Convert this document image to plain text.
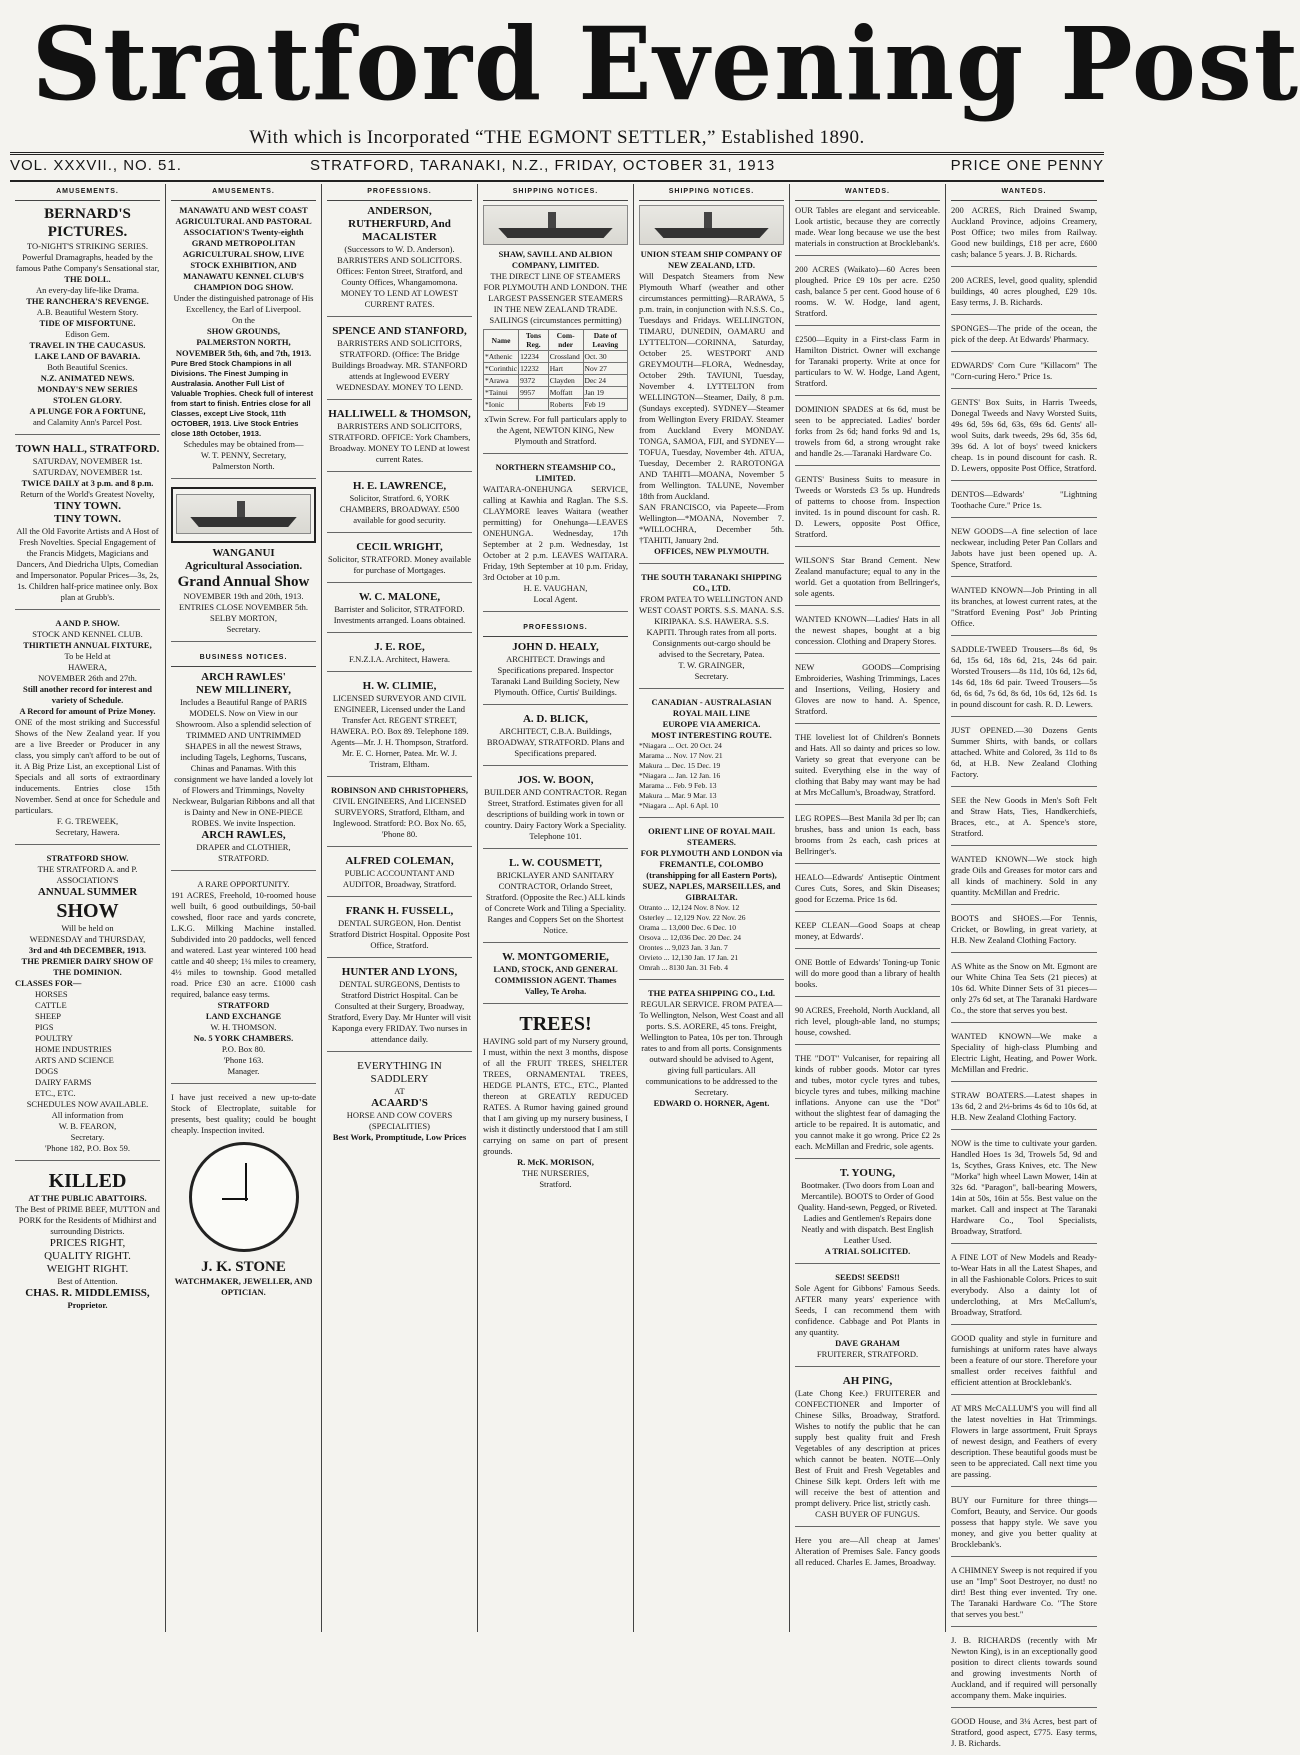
Stratford Evening Post
With which is Incorporated “THE EGMONT SETTLER,” Established 1890.
VOL. XXXVII., NO. 51.	STRATFORD, TARANAKI, N.Z., FRIDAY, OCTOBER 31, 1913	PRICE ONE PENNY
AMUSEMENTS.
BERNARD'S PICTURES.
TO-NIGHT'S STRIKING SERIES.
Powerful Dramagraphs, headed by the famous Pathe Company's Sensational star,
THE DOLL.
An every-day life-like Drama.
THE RANCHERA'S REVENGE.
A.B. Beautiful Western Story.
TIDE OF MISFORTUNE.
Edison Gem.
TRAVEL IN THE CAUCASUS.
LAKE LAND OF BAVARIA.
Both Beautiful Scenics.
N.Z. ANIMATED NEWS.
MONDAY'S NEW SERIES
STOLEN GLORY.
A PLUNGE FOR A FORTUNE,
and Calamity Ann's Parcel Post.
TOWN HALL, STRATFORD.
SATURDAY, NOVEMBER 1st.
SATURDAY, NOVEMBER 1st.
TWICE DAILY at 3 p.m. and 8 p.m.
Return of the World's Greatest Novelty,
TINY TOWN.
TINY TOWN.
All the Old Favorite Artists and A Host of Fresh Novelties. Special Engagement of the Francis Midgets, Magicians and Dancers, And Diedricha Ulpts, Comedian and Impersonator. Popular Prices—3s, 2s, 1s. Children half-price matinee only. Box plan at Grubb's.
A AND P. SHOW.
STOCK AND KENNEL CLUB.
THIRTIETH ANNUAL FIXTURE,
To be Held at
HAWERA,
NOVEMBER 26th and 27th.
Still another record for interest and variety of Schedule.
A Record for amount of Prize Money.
ONE of the most striking and Successful Shows of the New Zealand year. If you are a live Breeder or Producer in any class, you simply can't afford to be out of it. A Big Prize List, an exceptional List of Specials and all sorts of extraordinary inducements. Entries close 15th November. Send at once for Schedule and particulars.
F. G. TREWEEK,
Secretary, Hawera.
STRATFORD SHOW.
THE STRATFORD A. and P. ASSOCIATION'S
ANNUAL SUMMER
SHOW
Will be held on
WEDNESDAY and THURSDAY,
3rd and 4th DECEMBER, 1913.
THE PREMIER DAIRY SHOW OF THE DOMINION.
CLASSES FOR—
HORSES
CATTLE
SHEEP
PIGS
POULTRY
HOME INDUSTRIES
ARTS AND SCIENCE
DOGS
DAIRY FARMS
ETC., ETC.
SCHEDULES NOW AVAILABLE.
All information from
W. B. FEARON,
Secretary.
'Phone 182, P.O. Box 59.
KILLED
AT THE PUBLIC ABATTOIRS.
The Best of PRIME BEEF, MUTTON and PORK for the Residents of Midhirst and surrounding Districts.
PRICES RIGHT,
QUALITY RIGHT.
WEIGHT RIGHT.
Best of Attention.
CHAS. R. MIDDLEMISS,
Proprietor.
AMUSEMENTS.
MANAWATU AND WEST COAST AGRICULTURAL AND PASTORAL ASSOCIATION'S Twenty-eighth GRAND METROPOLITAN AGRICULTURAL SHOW, LIVE STOCK EXHIBITION, AND MANAWATU KENNEL CLUB'S CHAMPION DOG SHOW.
Under the distinguished patronage of His Excellency, the Earl of Liverpool.
On the
SHOW GROUNDS,
PALMERSTON NORTH,
NOVEMBER 5th, 6th, and 7th, 1913.
Pure Bred Stock Champions in all Divisions. The Finest Jumping in Australasia. Another Full List of Valuable Trophies. Check full of interest from start to finish. Entries close for all Classes, except Live Stock, 11th OCTOBER, 1913. Live Stock Entries close 18th October, 1913.
Schedules may be obtained from—
W. T. PENNY, Secretary,
Palmerston North.
WANGANUI
Agricultural Association.
Grand Annual Show
NOVEMBER 19th and 20th, 1913.
ENTRIES CLOSE NOVEMBER 5th.
SELBY MORTON,
Secretary.
BUSINESS NOTICES.
ARCH RAWLES'
NEW MILLINERY,
Includes a Beautiful Range of PARIS MODELS. Now on View in our Showroom. Also a splendid selection of TRIMMED AND UNTRIMMED SHAPES in all the newest Straws, including Tagels, Leghorns, Tuscans, Chinas and Panamas. With this consignment we have landed a lovely lot of Flowers and Trimmings, Novelty Neckwear, Bulgarian Ribbons and all that is Dainty and New in ONE-PIECE ROBES. We invite Inspection.
ARCH RAWLES,
DRAPER and CLOTHIER,
STRATFORD.
A RARE OPPORTUNITY.
191 ACRES, Freehold, 10-roomed house well built, 6 good outbuildings, 50-bail cowshed, floor race and yards concrete, L.K.G. Milking Machine installed. Subdivided into 20 paddocks, well fenced and watered. Last year wintered 100 head cattle and 40 sheep; 1¼ miles to creamery, 4½ miles to township. Good metalled road. Price £30 an acre. £1000 cash required, balance easy terms.
STRATFORD
LAND EXCHANGE
W. H. THOMSON.
No. 5 YORK CHAMBERS.
P.O. Box 80.
'Phone 163.
Manager.
I have just received a new up-to-date Stock of Electroplate, suitable for presents, best quality; could be bought cheaply. Inspection invited.
J. K. STONE
WATCHMAKER, JEWELLER, AND OPTICIAN.
PROFESSIONS.
ANDERSON, RUTHERFURD, And MACALISTER
(Successors to W. D. Anderson). BARRISTERS AND SOLICITORS. Offices: Fenton Street, Stratford, and County Offices, Whangamomona. MONEY TO LEND AT LOWEST CURRENT RATES.
SPENCE AND STANFORD,
BARRISTERS AND SOLICITORS, STRATFORD. (Office: The Bridge Buildings Broadway. MR. STANFORD attends at Inglewood EVERY WEDNESDAY. MONEY TO LEND.
HALLIWELL & THOMSON,
BARRISTERS AND SOLICITORS, STRATFORD. OFFICE: York Chambers, Broadway. MONEY TO LEND at lowest current Rates.
H. E. LAWRENCE,
Solicitor, Stratford. 6, YORK CHAMBERS, BROADWAY. £500 available for good security.
CECIL WRIGHT,
Solicitor, STRATFORD. Money available for purchase of Mortgages.
W. C. MALONE,
Barrister and Solicitor, STRATFORD. Investments arranged. Loans obtained.
J. E. ROE,
F.N.Z.I.A. Architect, Hawera.
H. W. CLIMIE,
LICENSED SURVEYOR AND CIVIL ENGINEER, Licensed under the Land Transfer Act. REGENT STREET, HAWERA. P.O. Box 89. Telephone 189. Agents—Mr. J. H. Thompson, Stratford. Mr. E. C. Horner, Patea. Mr. W. J. Tristram, Eltham.
ROBINSON AND CHRISTOPHERS,
CIVIL ENGINEERS, And LICENSED SURVEYORS, Stratford, Eltham, and Inglewood. Stratford: P.O. Box No. 65, 'Phone 80.
ALFRED COLEMAN,
PUBLIC ACCOUNTANT AND AUDITOR, Broadway, Stratford.
FRANK H. FUSSELL,
DENTAL SURGEON, Hon. Dentist Stratford District Hospital. Opposite Post Office, Stratford.
HUNTER AND LYONS,
DENTAL SURGEONS, Dentists to Stratford District Hospital. Can be Consulted at their Surgery, Broadway, Stratford, Every Day. Mr Hunter will visit Kaponga every FRIDAY. Two nurses in attendance daily.
EVERYTHING IN
SADDLERY
AT
ACAARD'S
HORSE AND COW COVERS
(SPECIALITIES)
Best Work, Promptitude, Low Prices
SHIPPING NOTICES.
SHAW, SAVILL AND ALBION COMPANY, LIMITED.
THE DIRECT LINE OF STEAMERS FOR PLYMOUTH AND LONDON. THE LARGEST PASSENGER STEAMERS IN THE NEW ZEALAND TRADE. SAILINGS (circumstances permitting)
Name	Tons Reg.	Com-nder	Date of Leaving
*Athenic	12234	Crossland	Oct. 30
*Corinthic	12232	Hart	Nov 27
*Arawa	9372	Clayden	Dec 24
*Tainui	9957	Moffatt	Jan 19
*Ionic		Roberts	Feb 19
xTwin Screw. For full particulars apply to the Agent, NEWTON KING, New Plymouth and Stratford.
NORTHERN STEAMSHIP CO., LIMITED.
WAITARA-ONEHUNGA SERVICE, calling at Kawhia and Raglan. The S.S. CLAYMORE leaves Waitara (weather permitting) for Onehunga—LEAVES ONEHUNGA. Wednesday, 17th September at 2 p.m. Wednesday, 1st October at 2 p.m. LEAVES WAITARA. Friday, 19th September at 10 p.m. Friday, 3rd October at 10 p.m.
H. E. VAUGHAN,
Local Agent.
PROFESSIONS.
JOHN D. HEALY,
ARCHITECT. Drawings and Specifications prepared. Inspector Taranaki Land Building Society, New Plymouth. Office, Curtis' Buildings.
A. D. BLICK,
ARCHITECT, C.B.A. Buildings, BROADWAY, STRATFORD. Plans and Specifications prepared.
JOS. W. BOON,
BUILDER AND CONTRACTOR. Regan Street, Stratford. Estimates given for all descriptions of building work in town or country. Dairy Factory Work a Speciality. Telephone 101.
L. W. COUSMETT,
BRICKLAYER AND SANITARY CONTRACTOR, Orlando Street, Stratford. (Opposite the Rec.) ALL kinds of Concrete Work and Tiling a Speciality. Ranges and Coppers Set on the Shortest Notice.
W. MONTGOMERIE,
LAND, STOCK, AND GENERAL COMMISSION AGENT. Thames Valley, Te Aroha.
TREES!
HAVING sold part of my Nursery ground, I must, within the next 3 months, dispose of all the FRUIT TREES, SHELTER TREES, ORNAMENTAL TREES, HEDGE PLANTS, ETC., ETC., Planted thereon at GREATLY REDUCED RATES. A Rumor having gained ground that I am giving up my nursery business, I wish it distinctly understood that I am still carrying on same on part of present grounds.
R. McK. MORISON,
THE NURSERIES,
Stratford.
SHIPPING NOTICES.
UNION STEAM SHIP COMPANY OF NEW ZEALAND, LTD.
Will Despatch Steamers from New Plymouth Wharf (weather and other circumstances permitting)—RARAWA, 5 p.m. train, in conjunction with N.S.S. Co., Tuesdays and Fridays. WELLINGTON, TIMARU, DUNEDIN, OAMARU and LYTTELTON—CORINNA, Saturday, October 25. WESTPORT AND GREYMOUTH—FLORA, Wednesday, October 29th. TAVIUNI, Tuesday, November 4. LYTTELTON from WELLINGTON—Steamer, Daily, 8 p.m. (Sundays excepted). SYDNEY—Steamer from Wellington Every FRIDAY. Steamer from Auckland Every MONDAY. TONGA, SAMOA, FIJI, and SYDNEY—TOFUA, Tuesday, November 4th. ATUA, Tuesday, December 2. RAROTONGA AND TAHITI—MOANA, November 5 from Wellington. TALUNE, November 18th from Auckland.
SAN FRANCISCO, via Papeete—From Wellington—*MOANA, November 7. *WILLOCHRA, December 5th. †TAHITI, January 2nd.
OFFICES, NEW PLYMOUTH.
THE SOUTH TARANAKI SHIPPING CO., LTD.
FROM PATEA TO WELLINGTON AND WEST COAST PORTS. S.S. MANA. S.S. KIRIPAKA. S.S. HAWERA. S.S. KAPITI. Through rates from all ports. Consignments out-cargo should be advised to the Secretary, Patea.
T. W. GRAINGER,
Secretary.
CANADIAN - AUSTRALASIAN ROYAL MAIL LINE
EUROPE VIA AMERICA.
MOST INTERESTING ROUTE.
*Niagara ... Oct. 20 Oct. 24
Marama ... Nov. 17 Nov. 21
Makura ... Dec. 15 Dec. 19
*Niagara ... Jan. 12 Jan. 16
Marama ... Feb. 9 Feb. 13
Makura ... Mar. 9 Mar. 13
*Niagara ... Apl. 6 Apl. 10
ORIENT LINE OF ROYAL MAIL STEAMERS.
FOR PLYMOUTH AND LONDON via FREMANTLE, COLOMBO (transhipping for all Eastern Ports), SUEZ, NAPLES, MARSEILLES, and GIBRALTAR.
Otranto ... 12,124 Nov. 8 Nov. 12
Osterley ... 12,129 Nov. 22 Nov. 26
Orama ... 13,000 Dec. 6 Dec. 10
Orsova ... 12,036 Dec. 20 Dec. 24
Orontes ... 9,023 Jan. 3 Jan. 7
Orvieto ... 12,130 Jan. 17 Jan. 21
Omrah ... 8130 Jan. 31 Feb. 4
THE PATEA SHIPPING CO., Ltd.
REGULAR SERVICE. FROM PATEA—To Wellington, Nelson, West Coast and all ports. S.S. AORERE, 45 tons. Freight, Wellington to Patea, 10s per ton. Through rates to and from all ports. Consignments outward should be advised to Agent, giving full particulars. All communications to be addressed to the Secretary.
EDWARD O. HORNER, Agent.
WANTEDS.
OUR Tables are elegant and serviceable. Look artistic, because they are correctly made. Wear long because we use the best materials in construction at Brocklebank's.
200 ACRES (Waikato)—60 Acres been ploughed. Price £9 10s per acre. £250 cash, balance 5 per cent. Good house of 6 rooms. W. W. Hodge, land agent, Stratford.
£2500—Equity in a First-class Farm in Hamilton District. Owner will exchange for Taranaki property. Write at once for particulars to W. W. Hodge, Land Agent, Stratford.
DOMINION SPADES at 6s 6d, must be seen to be appreciated. Ladies' border forks from 2s 6d; hand forks 9d and 1s, trowels from 6d, a strong wrought rake and handle 2s.—Taranaki Hardware Co.
GENTS' Business Suits to measure in Tweeds or Worsteds £3 5s up. Hundreds of patterns to choose from. Inspection invited. 1s in pound discount for cash. R. D. Lewers, opposite Post Office, Stratford.
WILSON'S Star Brand Cement. New Zealand manufacture; equal to any in the world. Get a quotation from Bellringer's, sole agents.
WANTED KNOWN—Ladies' Hats in all the newest shapes, bought at a big concession. Clothing and Drapery Stores.
NEW GOODS—Comprising Embroideries, Washing Trimmings, Laces and Insertions, Veiling, Hosiery and Gloves are now to hand. A. Spence, Stratford.
THE loveliest lot of Children's Bonnets and Hats. All so dainty and prices so low. Variety so great that everyone can be suited. Everything else in the way of clothing that Baby may want may be had at Mrs McCallum's, Broadway, Stratford.
LEG ROPES—Best Manila 3d per lb; can brushes, bass and union 1s each, bass brooms from 2s each, cash prices at Bellringer's.
HEALO—Edwards' Antiseptic Ointment Cures Cuts, Sores, and Skin Diseases; good for Eczema. Price 1s 6d.
KEEP CLEAN—Good Soaps at cheap money, at Edwards'.
ONE Bottle of Edwards' Toning-up Tonic will do more good than a library of health books.
90 ACRES, Freehold, North Auckland, all rich level, plough-able land, no stumps; house, cowshed.
THE "DOT" Vulcaniser, for repairing all kinds of rubber goods. Motor car tyres and tubes, motor cycle tyres and tubes, bicycle tyres and tubes, milking machine inflations. Anyone can use the "Dot" without the slightest fear of damaging the article to be repaired. It is automatic, and you cannot make it go wrong. Price £2 2s each. McMillan and Fredric, sole agents.
T. YOUNG,
Bootmaker. (Two doors from Loan and Mercantile). BOOTS to Order of Good Quality. Hand-sewn, Pegged, or Riveted. Ladies and Gentlemen's Repairs done Neatly and with dispatch. Best English Leather Used.
A TRIAL SOLICITED.
SEEDS! SEEDS!!
Sole Agent for Gibbons' Famous Seeds. AFTER many years' experience with Seeds, I can recommend them with confidence. Cabbage and Pot Plants in any quantity.
DAVE GRAHAM
FRUITERER, STRATFORD.
AH PING,
(Late Chong Kee.) FRUITERER and CONFECTIONER and Importer of Chinese Silks, Broadway, Stratford. Wishes to notify the public that he can supply best quality fruit and Fresh Vegetables of any description at prices which cannot be beaten. NOTE—Only Best of Fruit and Fresh Vegetables and Chinese Silk kept. Orders left with me will receive the best of attention and prompt delivery. Price list, strictly cash.
CASH BUYER OF FUNGUS.
Here you are—All cheap at James' Alteration of Premises Sale. Fancy goods all reduced. Charles E. James, Broadway.
WANTEDS.
200 ACRES, Rich Drained Swamp, Auckland Province, adjoins Creamery, Post Office; two miles from Railway. Good new buildings, £18 per acre, £600 cash; balance 5 years. J. B. Richards.
200 ACRES, level, good quality, splendid buildings, 40 acres ploughed, £29 10s. Easy terms, J. B. Richards.
SPONGES—The pride of the ocean, the pick of the deep. At Edwards' Pharmacy.
EDWARDS' Corn Cure "Killacorn" The "Corn-curing Hero." Price 1s.
GENTS' Box Suits, in Harris Tweeds, Donegal Tweeds and Navy Worsted Suits, 49s 6d, 59s 6d, 63s, 69s 6d. Gents' all-wool Suits, dark tweeds, 29s 6d, 35s 6d, 39s 6d. A lot of boys' tweed knickers cheap. 1s in pound discount for cash. R. D. Lewers, opposite Post Office, Stratford.
DENTOS—Edwards' "Lightning Toothache Cure." Price 1s.
NEW GOODS—A fine selection of lace neckwear, including Peter Pan Collars and Jabots have just been opened up. A. Spence, Stratford.
WANTED KNOWN—Job Printing in all its branches, at lowest current rates, at the "Stratford Evening Post" Job Printing Office.
SADDLE-TWEED Trousers—8s 6d, 9s 6d, 15s 6d, 18s 6d, 21s, 24s 6d pair. Worsted Trousers—8s 11d, 10s 6d, 12s 6d, 14s 6d, 18s 6d pair. Tweed Trousers—5s 6d, 6s 6d, 7s 6d, 8s 6d, 10s 6d, 12s 6d. 1s in pound discount for cash. R. D. Lewers.
JUST OPENED.—30 Dozens Gents Summer Shirts, with bands, or collars attached. White and Colored, 3s 11d to 8s 6d, at H.B. New Zealand Clothing Factory.
SEE the New Goods in Men's Soft Felt and Straw Hats, Ties, Handkerchiefs, Braces, etc., at A. Spence's store, Stratford.
WANTED KNOWN—We stock high grade Oils and Greases for motor cars and all kinds of machinery. Sold in any quantity. McMillan and Fredric.
BOOTS and SHOES.—For Tennis, Cricket, or Bowling, in great variety, at H.B. New Zealand Clothing Factory.
AS White as the Snow on Mt. Egmont are our White China Tea Sets (21 pieces) at 10s 6d. White Dinner Sets of 31 pieces—only 27s 6d set, at The Taranaki Hardware Co., the store that serves you best.
WANTED KNOWN—We make a Speciality of high-class Plumbing and Electric Light, Heating, and Power Work. McMillan and Fredric.
STRAW BOATERS.—Latest shapes in 13s 6d, 2 and 2½-brims 4s 6d to 10s 6d, at H.B. New Zealand Clothing Factory.
NOW is the time to cultivate your garden. Handled Hoes 1s 3d, Trowels 5d, 9d and 1s, Scythes, Grass Knives, etc. The New "Morka" high wheel Lawn Mower, 14in at 32s 6d. "Paragon", ball-bearing Mowers, 14in at 50s, 16in at 55s. Best value on the market. Call and inspect at The Taranaki Hardware Co., Tool Specialists, Broadway, Stratford.
A FINE LOT of New Models and Ready-to-Wear Hats in all the Latest Shapes, and in all the Fashionable Colors. Prices to suit everybody. Also a dainty lot of underclothing, at Mrs McCallum's, Broadway, Stratford.
GOOD quality and style in furniture and furnishings at uniform rates have always been a feature of our store. Therefore your smallest order receives faithful and efficient attention at Brocklebank's.
AT MRS McCALLUM'S you will find all the latest novelties in Hat Trimmings. Flowers in large assortment, Fruit Sprays of newest design, and Feathers of every description. These beautiful goods must be seen to be appreciated. Call next time you are passing.
BUY our Furniture for three things—Comfort, Beauty, and Service. Our goods possess that happy style. We save you money, and give you better quality at Brocklebank's.
A CHIMNEY Sweep is not required if you use an "Imp" Soot Destroyer, no dust! no dirt! Best thing ever invented. Try one. The Taranaki Hardware Co. "The Store that serves you best."
J. B. RICHARDS (recently with Mr Newton King), is in an exceptionally good position to direct clients towards sound and growing investments North of Auckland, and if required will personally accompany them. Make inquiries.
GOOD House, and 3¼ Acres, best part of Stratford, good aspect, £775. Easy terms, J. B. Richards.
